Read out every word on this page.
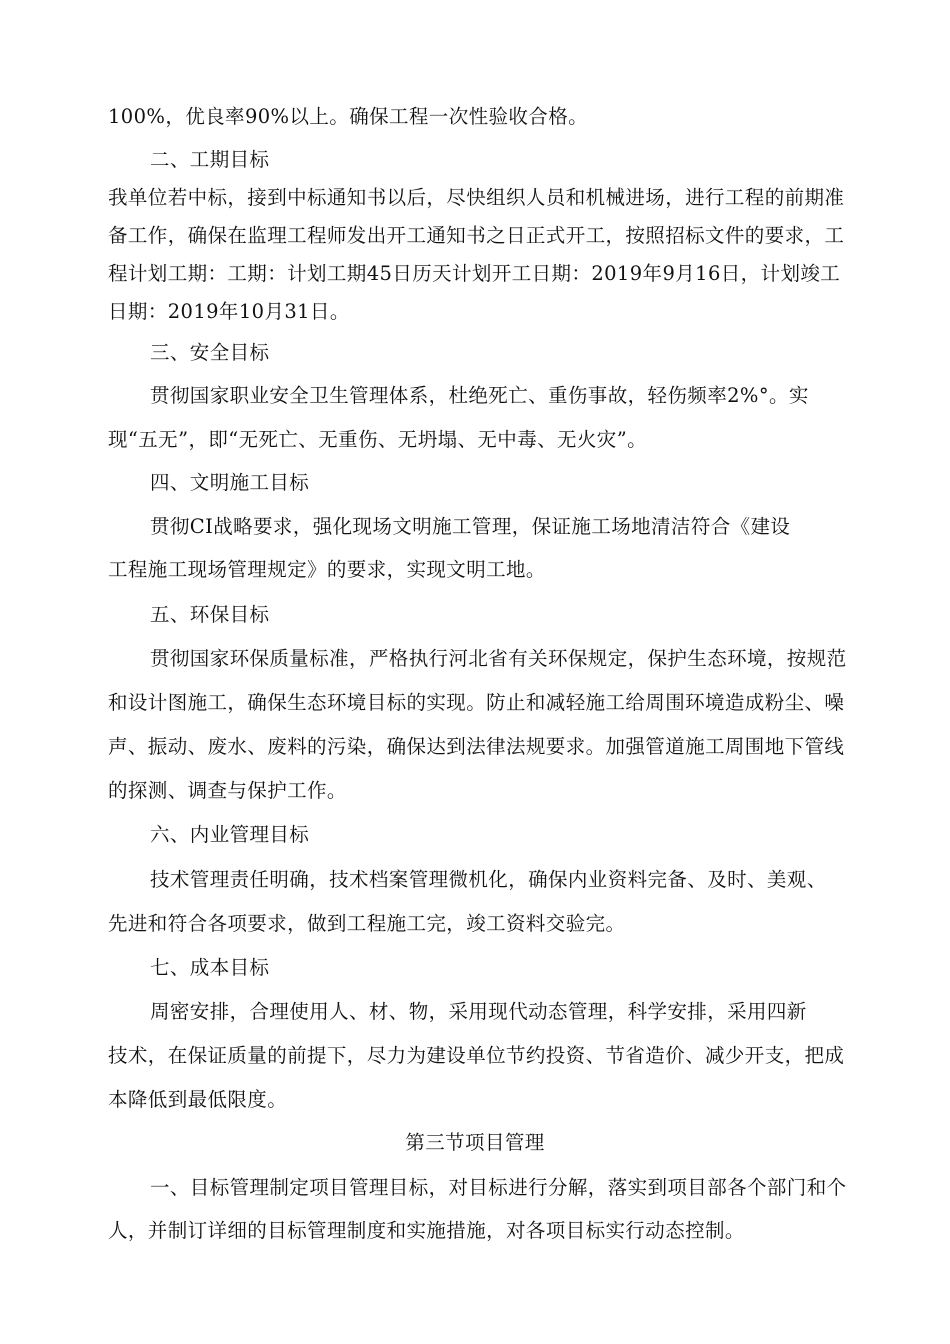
100%，优良率90%以上。确保工程一次性验收合格。
二、工期目标
我单位若中标，接到中标通知书以后，尽快组织人员和机械进场，进行工程的前期准
备工作，确保在监理工程师发出开工通知书之日正式开工，按照招标文件的要求，工
程计划工期：工期：计划工期45日历天计划开工日期：2019年9月16日，计划竣工
日期：2019年10月31日。
三、安全目标
贯彻国家职业安全卫生管理体系，杜绝死亡、重伤事故，轻伤频率2%°。实
现“五无”，即“无死亡、无重伤、无坍塌、无中毒、无火灾”。
四、文明施工目标
贯彻CI战略要求，强化现场文明施工管理，保证施工场地清洁符合《建设
工程施工现场管理规定》的要求，实现文明工地。
五、环保目标
贯彻国家环保质量标准，严格执行河北省有关环保规定，保护生态环境，按规范
和设计图施工，确保生态环境目标的实现。防止和减轻施工给周围环境造成粉尘、噪
声、振动、废水、废料的污染，确保达到法律法规要求。加强管道施工周围地下管线
的探测、调查与保护工作。
六、内业管理目标
技术管理责任明确，技术档案管理微机化，确保内业资料完备、及时、美观、
先进和符合各项要求，做到工程施工完，竣工资料交验完。
七、成本目标
周密安排，合理使用人、材、物，采用现代动态管理，科学安排，采用四新
技术，在保证质量的前提下，尽力为建设单位节约投资、节省造价、减少开支，把成
本降低到最低限度。
第三节项目管理
一、目标管理制定项目管理目标，对目标进行分解，落实到项目部各个部门和个
人，并制订详细的目标管理制度和实施措施，对各项目标实行动态控制。
